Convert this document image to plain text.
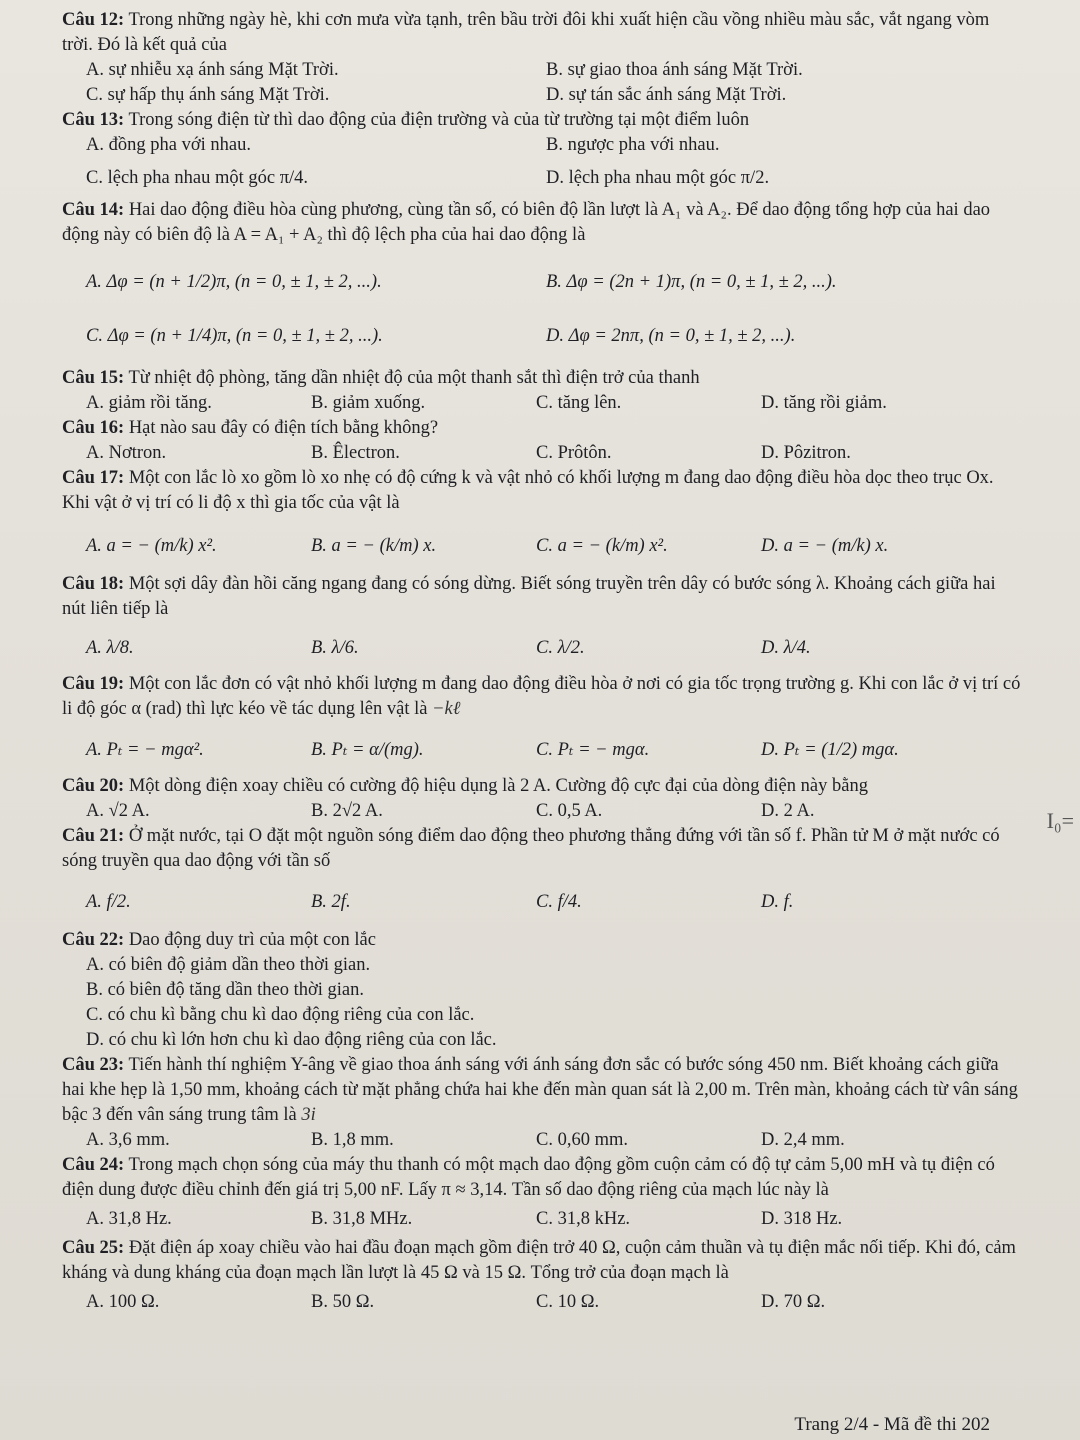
Câu 12: Trong những ngày hè, khi cơn mưa vừa tạnh, trên bầu trời đôi khi xuất hiện cầu vồng nhiều màu sắc, vắt ngang vòm trời. Đó là kết quả của
A. sự nhiễu xạ ánh sáng Mặt Trời.	B. sự giao thoa ánh sáng Mặt Trời.
C. sự hấp thụ ánh sáng Mặt Trời.	D. sự tán sắc ánh sáng Mặt Trời.
Câu 13: Trong sóng điện từ thì dao động của điện trường và của từ trường tại một điểm luôn
A. đồng pha với nhau.	B. ngược pha với nhau.
C. lệch pha nhau một góc π/4.	D. lệch pha nhau một góc π/2.
Câu 14: Hai dao động điều hòa cùng phương, cùng tần số, có biên độ lần lượt là A₁ và A₂. Để dao động tổng hợp của hai dao động này có biên độ là A = A₁ + A₂ thì độ lệch pha của hai dao động là
A. Δφ = (n + 1/2)π, (n = 0, ± 1, ± 2, ...).	B. Δφ = (2n + 1)π, (n = 0, ± 1, ± 2, ...).
C. Δφ = (n + 1/4)π, (n = 0, ± 1, ± 2, ...).	D. Δφ = 2nπ, (n = 0, ± 1, ± 2, ...).
Câu 15: Từ nhiệt độ phòng, tăng dần nhiệt độ của một thanh sắt thì điện trở của thanh
A. giảm rồi tăng.	B. giảm xuống.	C. tăng lên.	D. tăng rồi giảm.
Câu 16: Hạt nào sau đây có điện tích bằng không?
A. Nơtron.	B. Êlectron.	C. Prôtôn.	D. Pôzitron.
Câu 17: Một con lắc lò xo gồm lò xo nhẹ có độ cứng k và vật nhỏ có khối lượng m đang dao động điều hòa dọc theo trục Ox. Khi vật ở vị trí có li độ x thì gia tốc của vật là
A. a = − (m/k) x².	B. a = − (k/m) x.	C. a = − (k/m) x².	D. a = − (m/k) x.
Câu 18: Một sợi dây đàn hồi căng ngang đang có sóng dừng. Biết sóng truyền trên dây có bước sóng λ. Khoảng cách giữa hai nút liên tiếp là
A. λ/8.	B. λ/6.	C. λ/2.	D. λ/4.
Câu 19: Một con lắc đơn có vật nhỏ khối lượng m đang dao động điều hòa ở nơi có gia tốc trọng trường g. Khi con lắc ở vị trí có li độ góc α (rad) thì lực kéo về tác dụng lên vật là −kℓ
A. Pₜ = − mgα².	B. Pₜ = α/(mg).	C. Pₜ = − mgα.	D. Pₜ = (1/2) mgα.
Câu 20: Một dòng điện xoay chiều có cường độ hiệu dụng là 2 A. Cường độ cực đại của dòng điện này bằng
A. √2 A.	B. 2√2 A.	C. 0,5 A.	D. 2 A.
Câu 21: Ở mặt nước, tại O đặt một nguồn sóng điểm dao động theo phương thẳng đứng với tần số f. Phần tử M ở mặt nước có sóng truyền qua dao động với tần số
A. f/2.	B. 2f.	C. f/4.	D. f.
Câu 22: Dao động duy trì của một con lắc
A. có biên độ giảm dần theo thời gian.
B. có biên độ tăng dần theo thời gian.
C. có chu kì bằng chu kì dao động riêng của con lắc.
D. có chu kì lớn hơn chu kì dao động riêng của con lắc.
Câu 23: Tiến hành thí nghiệm Y-âng về giao thoa ánh sáng với ánh sáng đơn sắc có bước sóng 450 nm. Biết khoảng cách giữa hai khe hẹp là 1,50 mm, khoảng cách từ mặt phẳng chứa hai khe đến màn quan sát là 2,00 m. Trên màn, khoảng cách từ vân sáng bậc 3 đến vân sáng trung tâm là 3i
A. 3,6 mm.	B. 1,8 mm.	C. 0,60 mm.	D. 2,4 mm.
Câu 24: Trong mạch chọn sóng của máy thu thanh có một mạch dao động gồm cuộn cảm có độ tự cảm 5,00 mH và tụ điện có điện dung được điều chỉnh đến giá trị 5,00 nF. Lấy π ≈ 3,14. Tần số dao động riêng của mạch lúc này là
A. 31,8 Hz.	B. 31,8 MHz.	C. 31,8 kHz.	D. 318 Hz.
Câu 25: Đặt điện áp xoay chiều vào hai đầu đoạn mạch gồm điện trở 40 Ω, cuộn cảm thuần và tụ điện mắc nối tiếp. Khi đó, cảm kháng và dung kháng của đoạn mạch lần lượt là 45 Ω và 15 Ω. Tổng trở của đoạn mạch là
A. 100 Ω.	B. 50 Ω.	C. 10 Ω.	D. 70 Ω.
I₀=
Trang 2/4 - Mã đề thi 202
